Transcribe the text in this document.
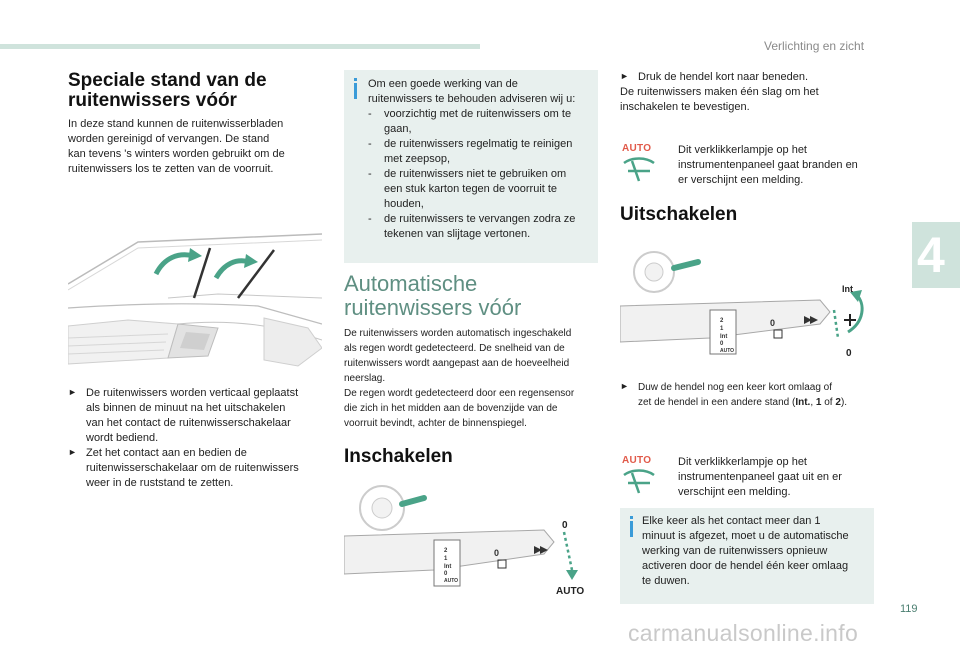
Verlichting en zicht
4
119
carmanualsonline.info
Speciale stand van de
ruitenwissers vóór

In deze stand kunnen de ruitenwisserbladen
worden gereinigd of vervangen. De stand
kan tevens 's winters worden gebruikt om de
ruitenwissers los te zetten van de voorruit.

► De ruitenwissers worden verticaal geplaatst
als binnen de minuut na het uitschakelen
van het contact de ruitenwisserschakelaar
wordt bediend.

► Zet het contact aan en bedien de
ruitenwisserschakelaar om de ruitenwissers
weer in de ruststand te zetten.

Om een goede werking van de
ruitenwissers te behouden adviseren wij u:

- voorzichtig met de ruitenwissers om te
gaan,
- de ruitenwissers regelmatig te reinigen
met zeepsop,
- de ruitenwissers niet te gebruiken om
een stuk karton tegen de voorruit te
houden,
- de ruitenwissers te vervangen zodra ze
tekenen van slijtage vertonen.
Automatische
ruitenwissers vóór

De ruitenwissers worden automatisch ingeschakeld
als regen wordt gedetecteerd. De snelheid van de
ruitenwissers wordt aangepast aan de hoeveelheid
neerslag.
De regen wordt gedetecteerd door een regensensor
die zich in het midden aan de bovenzijde van de
voorruit bevindt, achter de binnenspiegel.

Inschakelen
2
1
Int
0
AUTO
0
0
AUTO
► Druk de hendel kort naar beneden.

De ruitenwissers maken één slag om het
inschakelen te bevestigen.

AUTO Dit verklikkerlampje op het
instrumentenpaneel gaat branden en
er verschijnt een melding.

Uitschakelen
2
1
Int
0
AUTO
0
Int
0
► Duw de hendel nog een keer kort omlaag of
zet de hendel in een andere stand (Int., 1 of 2).

AUTO Dit verklikkerlampje op het
instrumentenpaneel gaat uit en er
verschijnt een melding.

Elke keer als het contact meer dan 1
minuut is afgezet, moet u de automatische
werking van de ruitenwissers opnieuw
activeren door de hendel één keer omlaag
te duwen.
